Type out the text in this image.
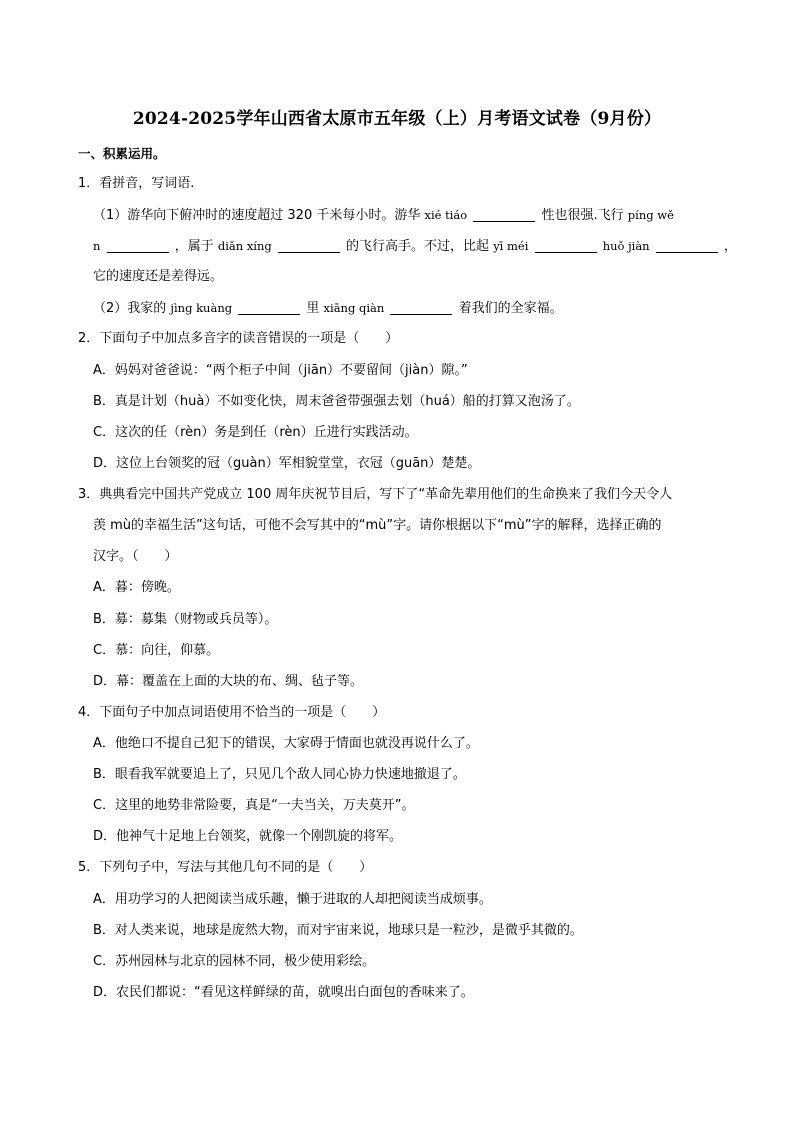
2024-2025学年山西省太原市五年级（上）月考语文试卷（9月份）
一、积累运用。
1．看拼音，写词语.
（1）游华向下俯冲时的速度超过 320 千米每小时。游华 xié tiáo	性也很强.飞行 píng wě
n	，属于 diǎn xíng	的飞行高手。不过，比起 yī méi	huǒ jiàn	，
它的速度还是差得远。
（2）我家的 jìng kuàng	里 xiāng qiàn	着我们的全家福。
2．下面句子中加点多音字的读音错误的一项是（　　）
A．妈妈对爸爸说：“两个柜子中间（jiān）不要留间（jiàn）隙。”
B．真是计划（huà）不如变化快，周末爸爸带强强去划（huá）船的打算又泡汤了。
C．这次的任（rèn）务是到任（rèn）丘进行实践活动。
D．这位上台领奖的冠（guàn）军相貌堂堂，衣冠（guān）楚楚。
3．典典看完中国共产党成立 100 周年庆祝节目后，写下了“革命先辈用他们的生命换来了我们今天令人
羡 mù的幸福生活”这句话，可他不会写其中的“mù”字。请你根据以下“mù”字的解释，选择正确的
汉字。（　　）
A．暮：傍晚。
B．募：募集（财物或兵员等）。
C．慕：向往，仰慕。
D．幕：覆盖在上面的大块的布、绸、毡子等。
4．下面句子中加点词语使用不恰当的一项是（　　）
A．他绝口不提自己犯下的错误，大家碍于情面也就没再说什么了。
B．眼看我军就要追上了，只见几个敌人同心协力快速地撤退了。
C．这里的地势非常险要，真是“一夫当关，万夫莫开”。
D．他神气十足地上台领奖，就像一个刚凯旋的将军。
5．下列句子中，写法与其他几句不同的是（　　）
A．用功学习的人把阅读当成乐趣，懒于进取的人却把阅读当成烦事。
B．对人类来说，地球是庞然大物，而对宇宙来说，地球只是一粒沙，是微乎其微的。
C．苏州园林与北京的园林不同，极少使用彩绘。
D．农民们都说：“看见这样鲜绿的苗，就嗅出白面包的香味来了。
